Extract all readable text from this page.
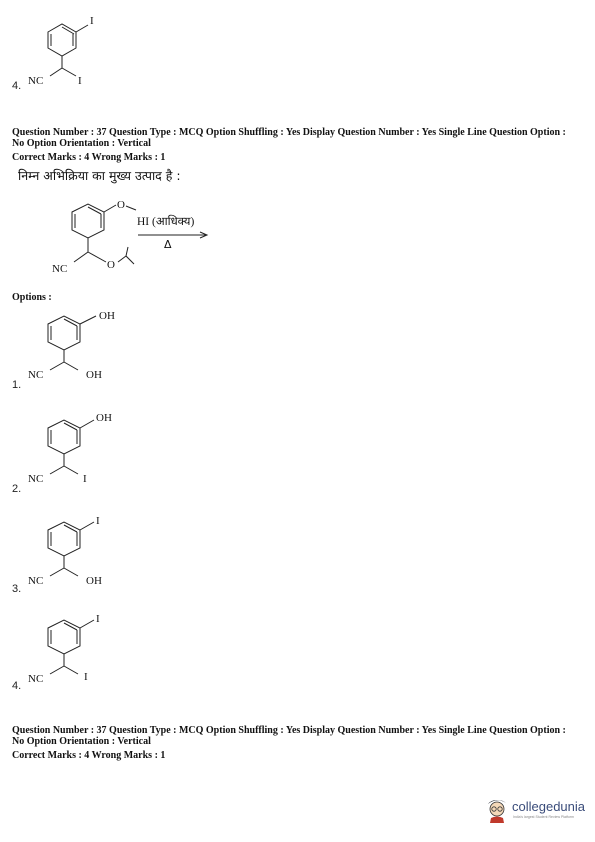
4.
I
NC	I
Question Number : 37 Question Type : MCQ Option Shuffling : Yes Display Question Number : Yes Single Line Question Option :
No Option Orientation : Vertical
Correct Marks : 4 Wrong Marks : 1
निम्न अभिक्रिया का मुख्य उत्पाद है :
O
NC	O
HI (आधिक्य)
Δ
Options :
1.
OH
NC	OH
2.
OH
NC	I
3.
I
NC	OH
4.
I
NC	I
Question Number : 37 Question Type : MCQ Option Shuffling : Yes Display Question Number : Yes Single Line Question Option :
No Option Orientation : Vertical
Correct Marks : 4 Wrong Marks : 1
collegedunia
India's largest Student Review Platform
